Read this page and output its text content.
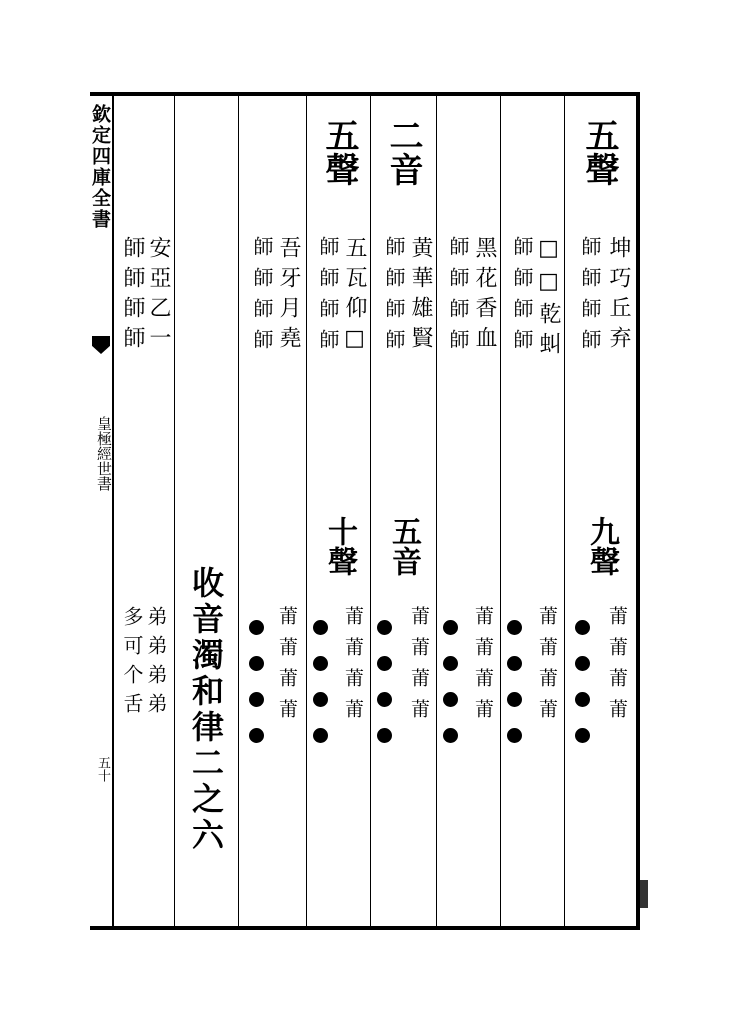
欽定四庫全書
皇極經世書
五十
安亞乙一
師師師師
弟弟弟弟
多可个舌 收音濁和律二之六
吾牙月堯
師師師師
莆莆莆莆
五聲
五瓦仰□
師師師師
十聲
莆莆莆莆
二音
黄華雄賢
師師師師
五音
莆莆莆莆
黑花香血
師師師師
莆莆莆莆
□□乾虯
師師師師
莆莆莆莆
五聲
坤巧丘弃
師師師師
九聲
莆莆莆莆
